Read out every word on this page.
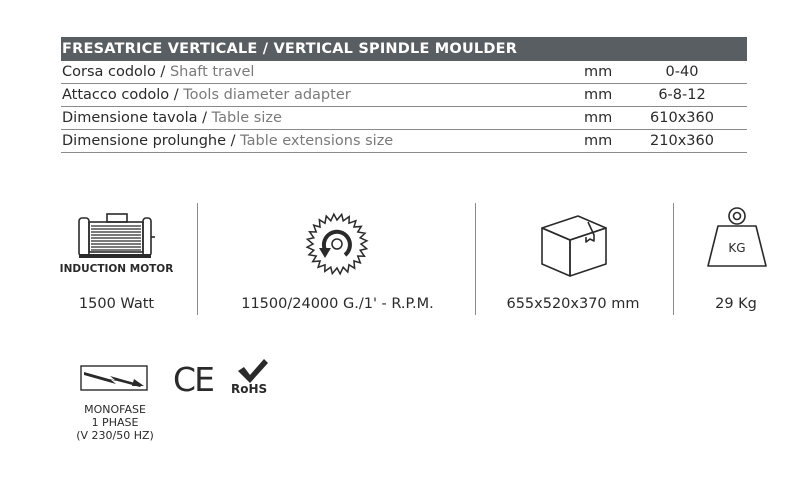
FRESATRICE VERTICALE / VERTICAL SPINDLE MOULDER
Corsa codolo / Shaft travel	mm	0-40
Attacco codolo / Tools diameter adapter	mm	6-8-12
Dimensione tavola / Table size	mm	610x360
Dimensione prolunghe / Table extensions size	mm	210x360
INDUCTION MOTOR
1500 Watt	11500/24000 G./1' - R.P.M.	655x520x370 mm
KG
29 Kg
MONOFASE
1 PHASE
(V 230/50 HZ)
CE RoHS
